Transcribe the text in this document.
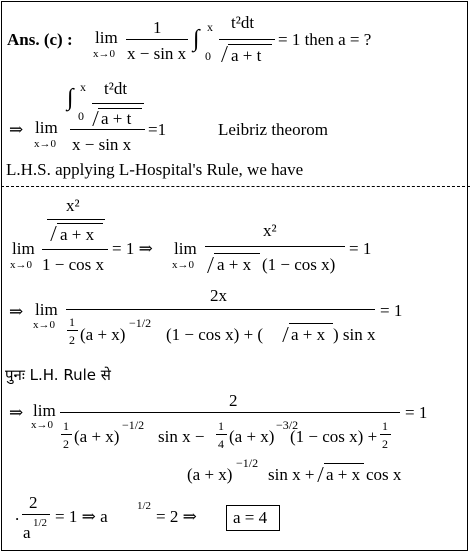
Ans. (c) : lim
x→0
1
x − sin x
∫ x
0
t²dt
a + t
= 1 then a = ?
⇒ lim
x→0
∫ x
0
t²dt
a + t
x − sin x
=1	Leibriz theorom
L.H.S. applying L-Hospital's Rule, we have
lim
x→0
x²
a + x
1 − cos x
= 1 ⇒ lim
x→0
x²
a + x (1 − cos x)
= 1
⇒ lim
x→0
2x
1
2 (a + x)
−1/2
(1 − cos x) + ( a + x ) sin x
= 1
पुनः L.H. Rule से
⇒ lim
x→0
2
1
2 (a + x)
−1/2
sin x −
1
4 (a + x)
−3/2
(1 − cos x) +
1
2
= 1
(a + x)
−1/2
sin x + a + x cos x
.
2
a 1/2 = 1 ⇒ a
1/2
= 2 ⇒ a = 4
